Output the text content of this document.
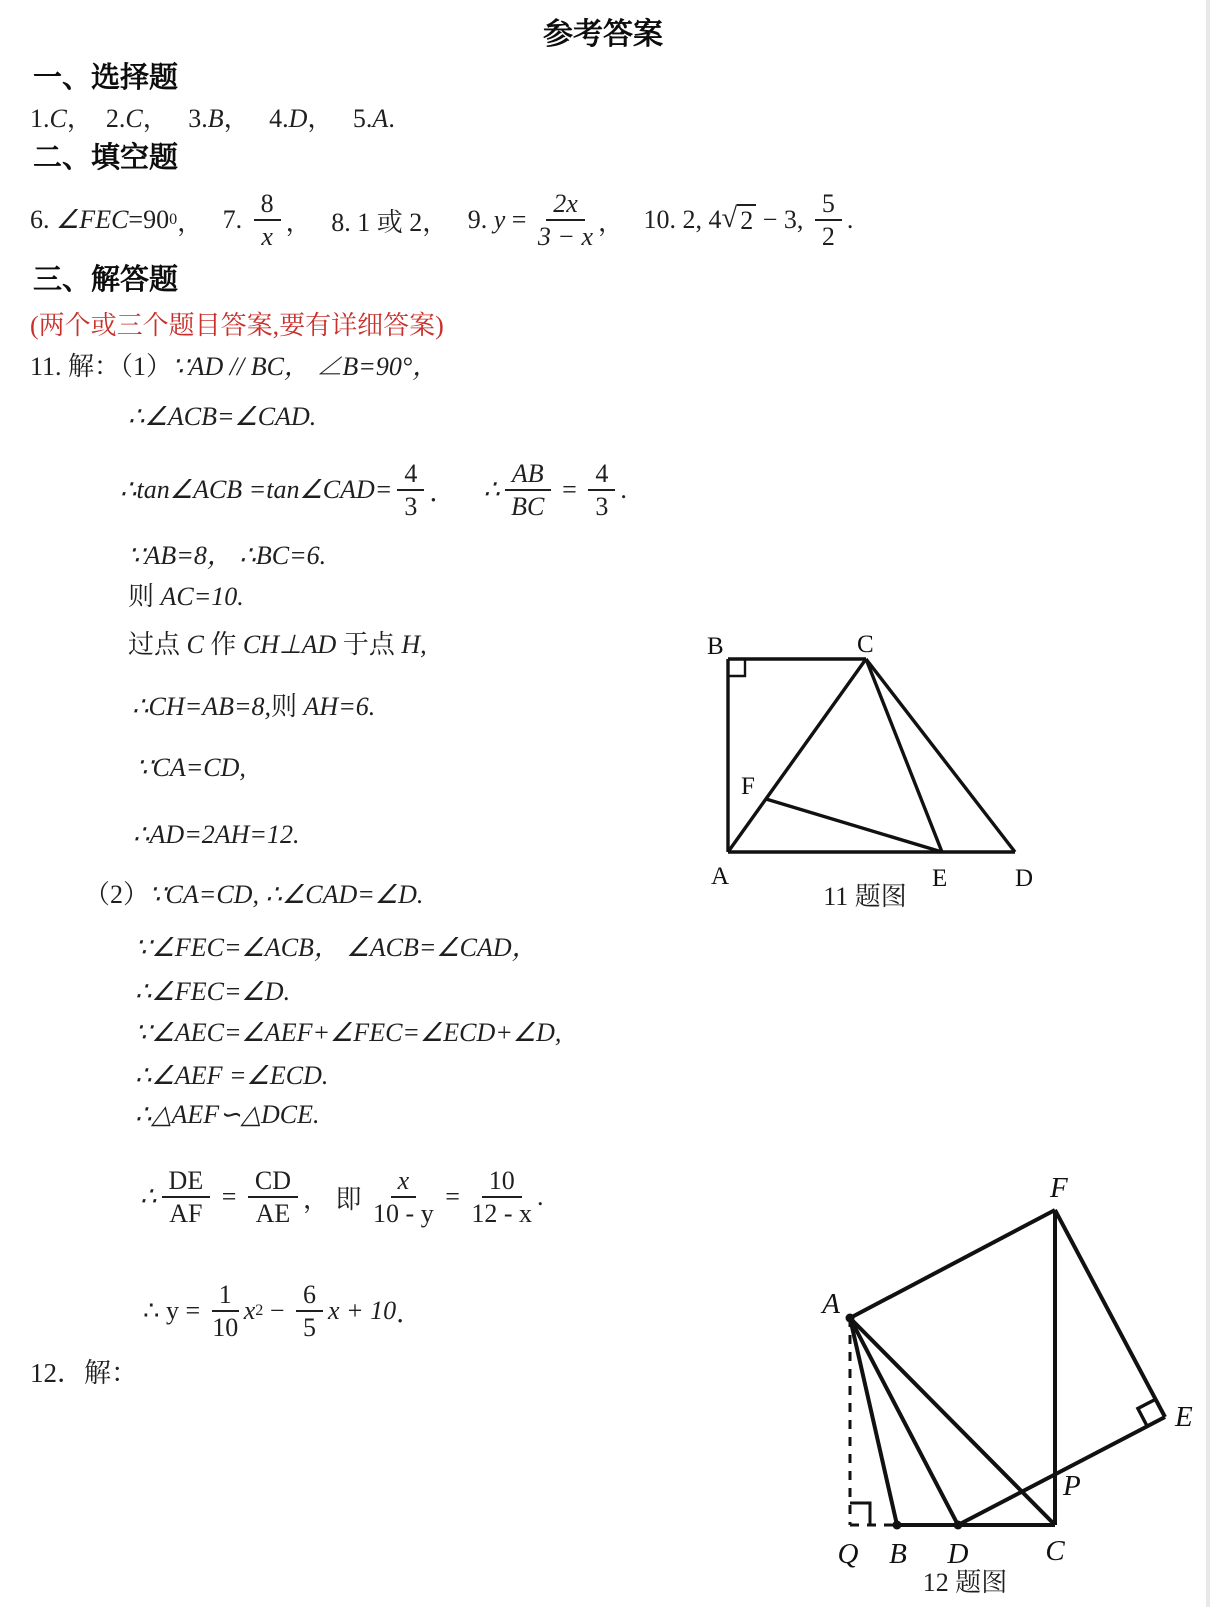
参考答案
一、选择题
1.C，  2.C，   3.B，   4.D，   5.A.
二、填空题
6. ∠FEC =90 0 ， 7. $\frac{8}{x}$ ， 8. 1 或 2， 9. $y = \frac{2x}{3 - x}$ ， 10. 2, 4 √ 2 − 3, $\frac{5}{2}$ .
三、解答题
(两个或三个题目答案,要有详细答案)
11. 解：（1）∵AD // BC， ∠B=90°，
∴∠ACB=∠CAD.
∴tan∠ACB =tan∠CAD= $\frac{4}{3}$ ． ∴ $\frac{AB}{BC} = \frac{4}{3}$ .
∵AB=8， ∴BC=6.
则 AC=10.
过点 C 作 CH⊥AD 于点 H,
∴CH=AB=8,则 AH=6.
∵CA=CD,
∴AD=2AH=12.
（2）∵CA=CD, ∴∠CAD=∠D.
∵∠FEC=∠ACB， ∠ACB=∠CAD，
∴∠FEC=∠D.
∵∠AEC=∠AEF+∠FEC=∠ECD+∠D,
∴∠AEF =∠ECD.
∴△AEF∽△DCE.
∴ $\frac{DE}{AF} = \frac{CD}{AE}$ ， 即 $\frac{x}{10 - y} = \frac{10}{12 - x}$ .
∴ $y = \frac{1}{10}$ x $2 - \frac{6}{5}$ x + 10 ．
12．解：
B	C
A	E	D
F
11 题图
A
F
E
P
Q B D	C
12 题图
